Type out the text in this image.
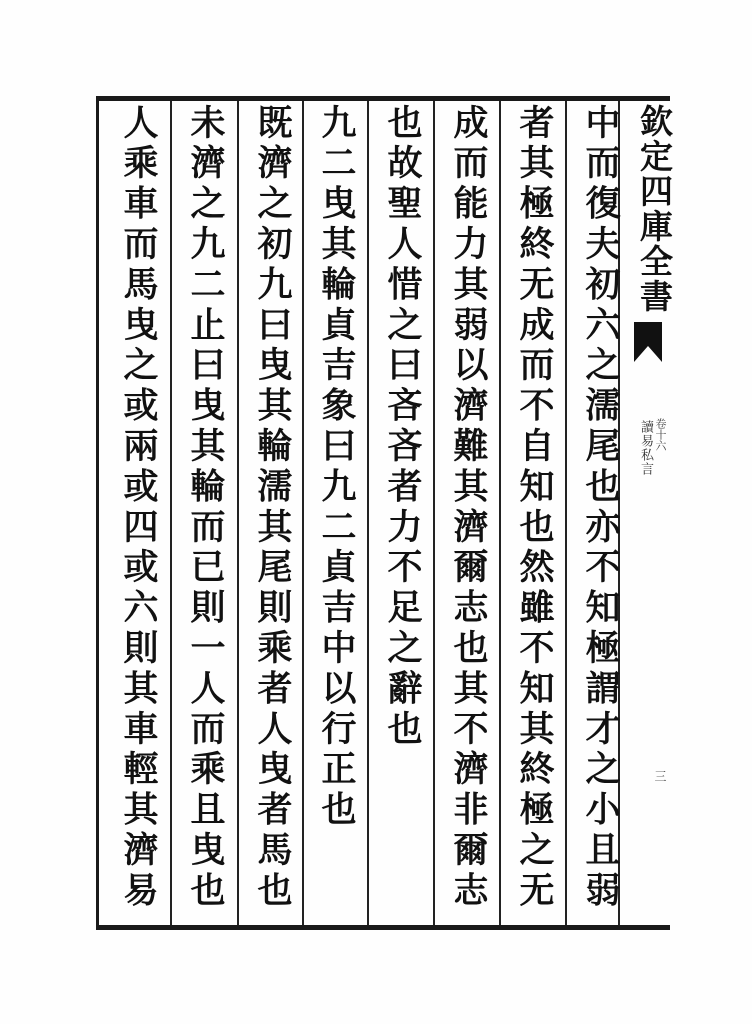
欽定四庫全書
讀易私言 卷十六
三
中而復夫初六之濡尾也亦不知極謂才之小且弱
者其極終无成而不自知也然雖不知其終極之无
成而能力其弱以濟難其濟爾志也其不濟非爾志
也故聖人惜之曰吝吝者力不足之辭也
九二曳其輪貞吉象曰九二貞吉中以行正也
既濟之初九曰曳其輪濡其尾則乘者人曳者馬也
未濟之九二止曰曳其輪而已則一人而乘且曳也
人乘車而馬曳之或兩或四或六則其車輕其濟易
